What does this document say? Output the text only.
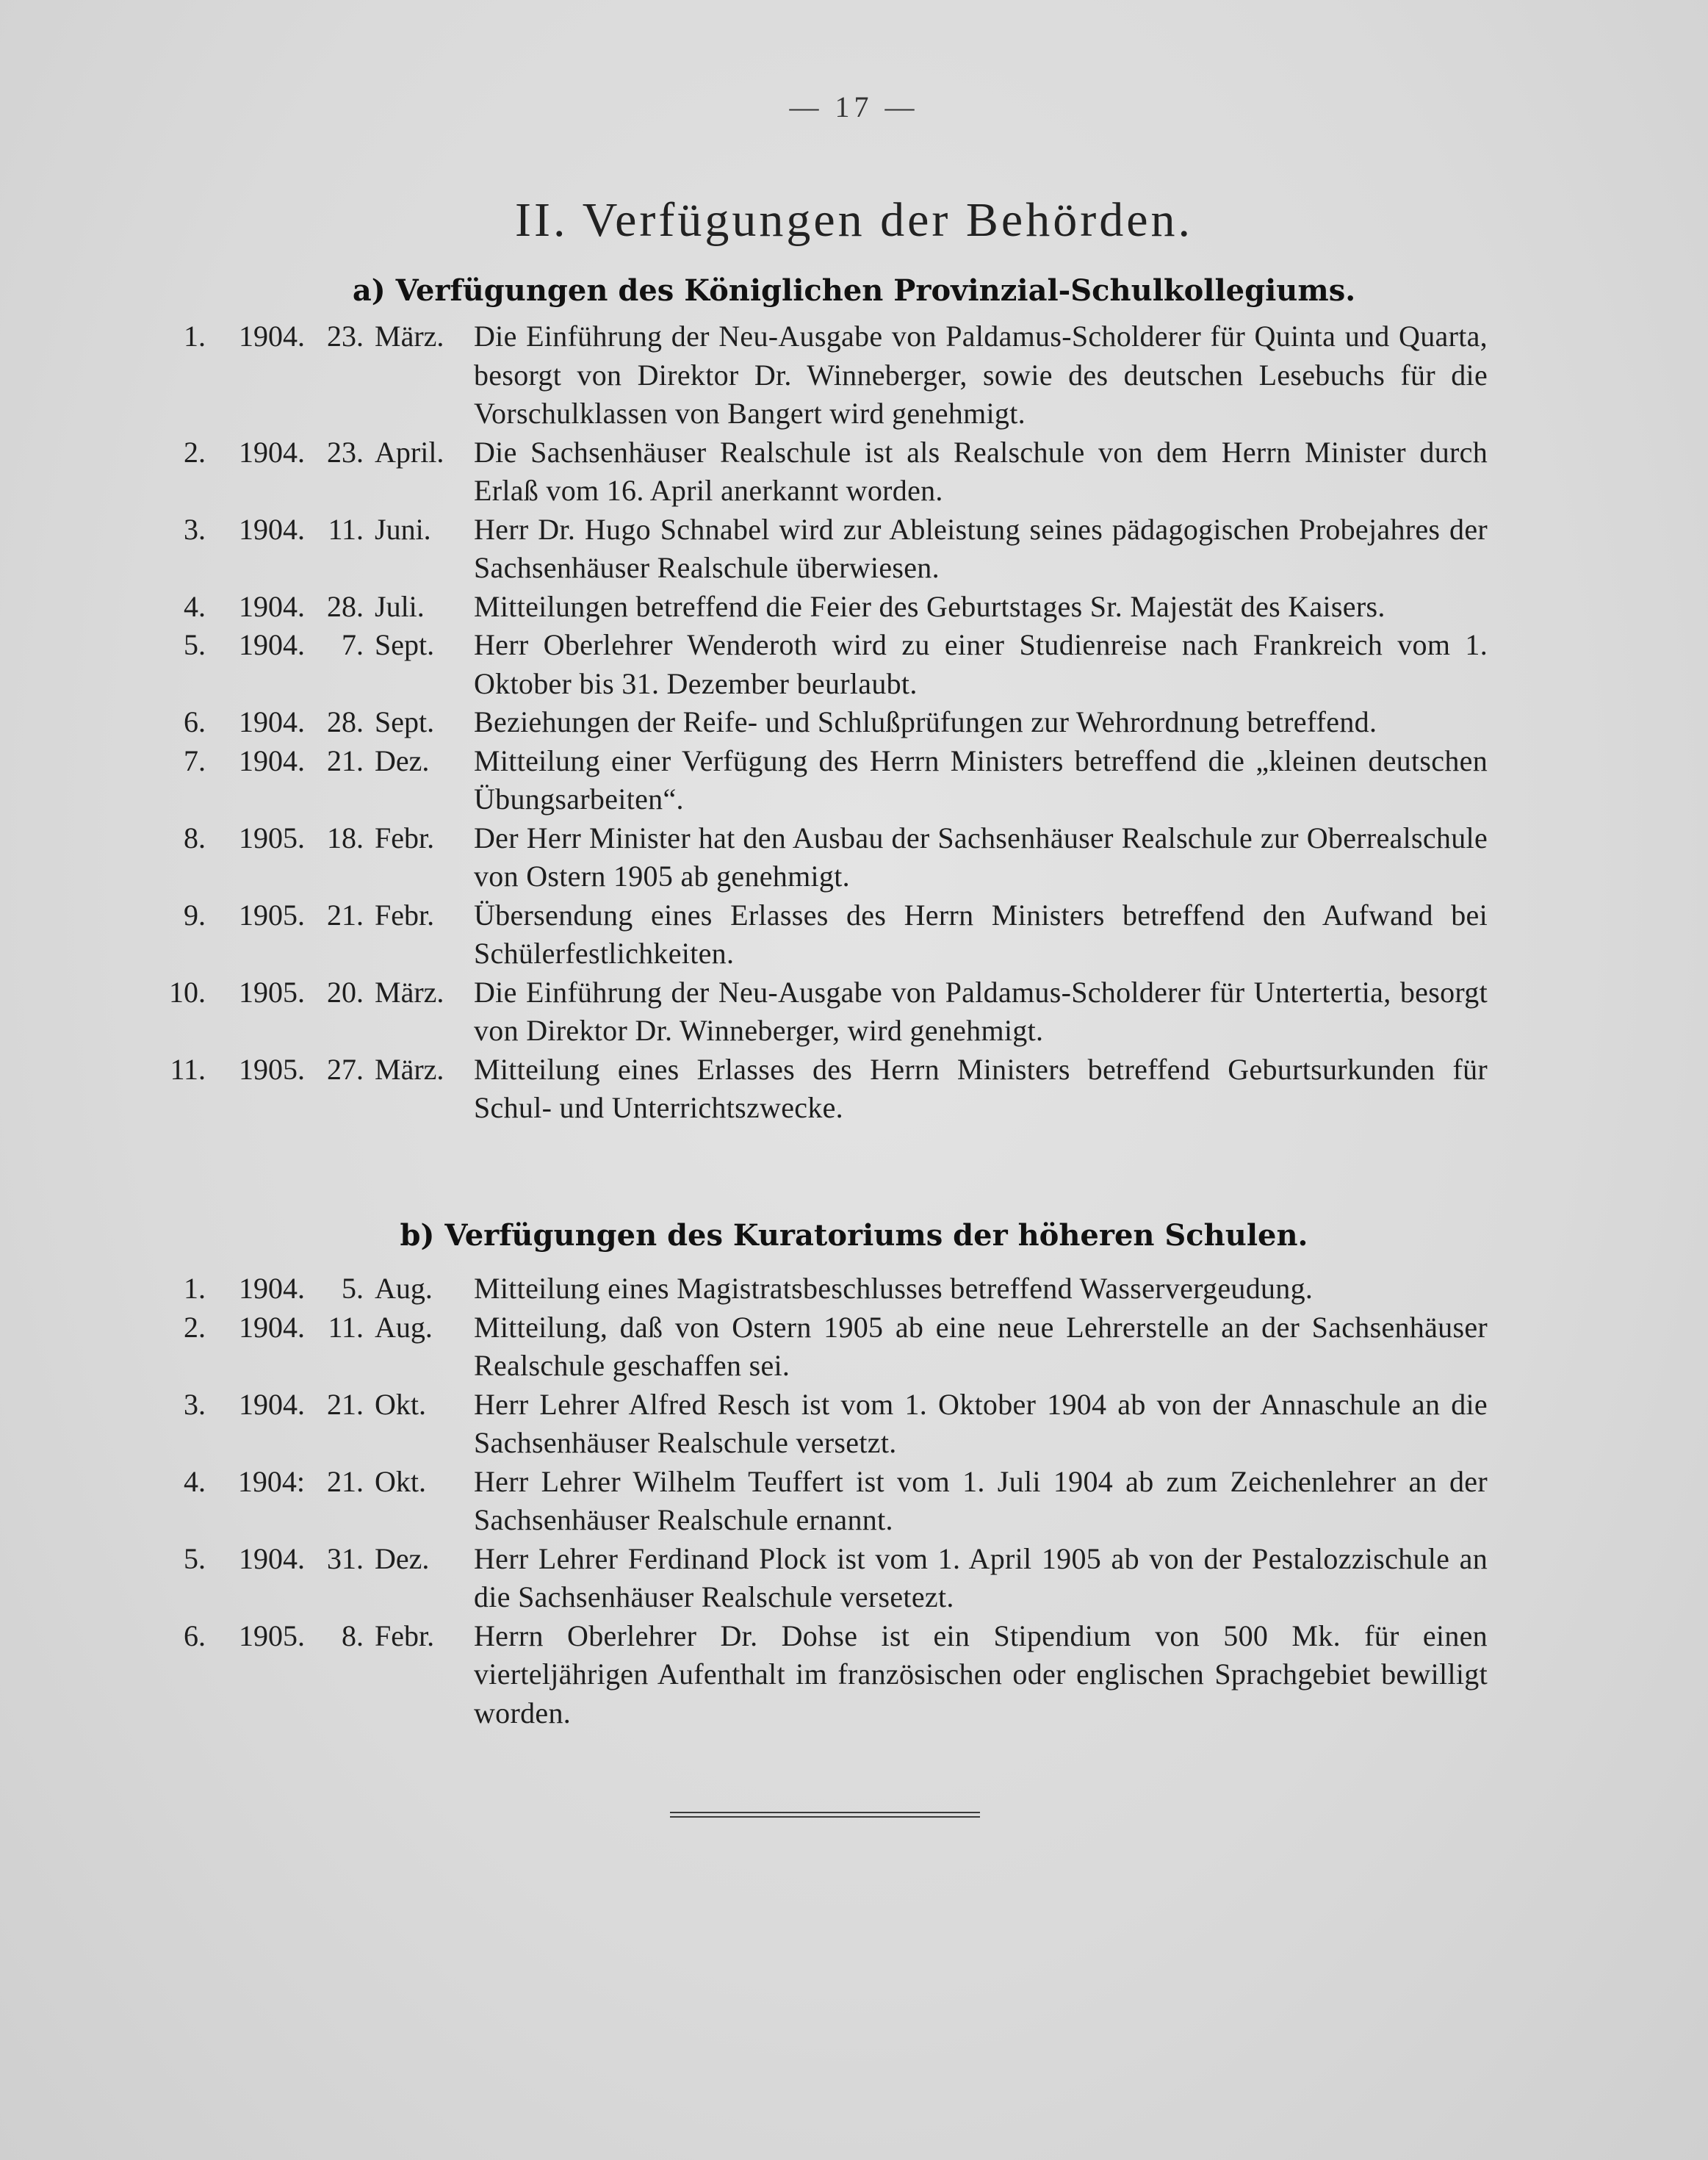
— 17 —
II. Verfügungen der Behörden.
a) Verfügungen des Königlichen Provinzial-Schulkollegiums.
1.	1904. 23. März.	Die Einführung der Neu-Ausgabe von Paldamus-Scholderer für Quinta und Quarta, besorgt von Direktor Dr. Winneberger, sowie des deutschen Lesebuchs für die Vorschulklassen von Bangert wird genehmigt.
2.	1904. 23. April.	Die Sachsenhäuser Realschule ist als Realschule von dem Herrn Minister durch Erlaß vom 16. April anerkannt worden.
3.	1904. 11. Juni.	Herr Dr. Hugo Schnabel wird zur Ableistung seines pädagogischen Probejahres der Sachsenhäuser Realschule überwiesen.
4.	1904. 28. Juli.	Mitteilungen betreffend die Feier des Geburtstages Sr. Majestät des Kaisers.
5.	1904.	7. Sept.	Herr Oberlehrer Wenderoth wird zu einer Studienreise nach Frankreich vom 1. Oktober bis 31. Dezember beurlaubt.
6.	1904. 28. Sept.	Beziehungen der Reife- und Schlußprüfungen zur Wehrordnung betreffend.
7.	1904. 21. Dez.	Mitteilung einer Verfügung des Herrn Ministers betreffend die „kleinen deutschen Übungsarbeiten“.
8.	1905. 18. Febr.	Der Herr Minister hat den Ausbau der Sachsenhäuser Realschule zur Oberrealschule von Ostern 1905 ab genehmigt.
9.	1905. 21. Febr.	Übersendung eines Erlasses des Herrn Ministers betreffend den Aufwand bei Schülerfestlichkeiten.
10.	1905. 20. März.	Die Einführung der Neu-Ausgabe von Paldamus-Scholderer für Untertertia, besorgt von Direktor Dr. Winneberger, wird genehmigt.
11.	1905. 27. März.	Mitteilung eines Erlasses des Herrn Ministers betreffend Geburtsurkunden für Schul- und Unterrichtszwecke.
b) Verfügungen des Kuratoriums der höheren Schulen.
1.	1904.	5. Aug.	Mitteilung eines Magistratsbeschlusses betreffend Wasservergeudung.
2.	1904. 11. Aug.	Mitteilung, daß von Ostern 1905 ab eine neue Lehrerstelle an der Sachsenhäuser Realschule geschaffen sei.
3.	1904. 21. Okt.	Herr Lehrer Alfred Resch ist vom 1. Oktober 1904 ab von der Annaschule an die Sachsenhäuser Realschule versetzt.
4.	1904: 21. Okt.	Herr Lehrer Wilhelm Teuffert ist vom 1. Juli 1904 ab zum Zeichenlehrer an der Sachsenhäuser Realschule ernannt.
5.	1904. 31. Dez.	Herr Lehrer Ferdinand Plock ist vom 1. April 1905 ab von der Pestalozzischule an die Sachsenhäuser Realschule versetezt.
6.	1905.	8. Febr.	Herrn Oberlehrer Dr. Dohse ist ein Stipendium von 500 Mk. für einen vierteljährigen Aufenthalt im französischen oder englischen Sprachgebiet bewilligt worden.
